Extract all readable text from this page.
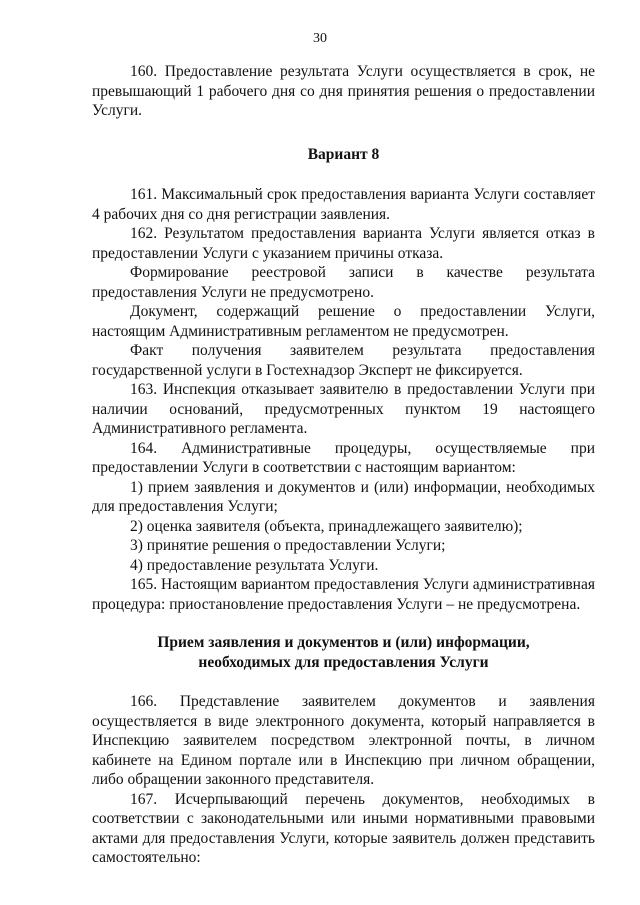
30

160. Предоставление результата Услуги осуществляется в срок, не превышающий 1 рабочего дня со дня принятия решения о предоставлении Услуги.

Вариант 8

161. Максимальный срок предоставления варианта Услуги составляет 4 рабочих дня со дня регистрации заявления.

162. Результатом предоставления варианта Услуги является отказ в предоставлении Услуги с указанием причины отказа.

Формирование реестровой записи в качестве результата предоставления Услуги не предусмотрено.

Документ, содержащий решение о предоставлении Услуги, настоящим Административным регламентом не предусмотрен.

Факт получения заявителем результата предоставления государственной услуги в Гостехнадзор Эксперт не фиксируется.

163. Инспекция отказывает заявителю в предоставлении Услуги при наличии оснований, предусмотренных пунктом 19 настоящего Административного регламента.

164. Административные процедуры, осуществляемые при предоставлении Услуги в соответствии с настоящим вариантом:

1) прием заявления и документов и (или) информации, необходимых для предоставления Услуги;

2) оценка заявителя (объекта, принадлежащего заявителю);

3) принятие решения о предоставлении Услуги;

4) предоставление результата Услуги.

165. Настоящим вариантом предоставления Услуги административная процедура: приостановление предоставления Услуги – не предусмотрена.

Прием заявления и документов и (или) информации,
необходимых для предоставления Услуги

166. Представление заявителем документов и заявления осуществляется в виде электронного документа, который направляется в Инспекцию заявителем посредством электронной почты, в личном кабинете на Едином портале или в Инспекцию при личном обращении, либо обращении законного представителя.

167. Исчерпывающий перечень документов, необходимых в соответствии с законодательными или иными нормативными правовыми актами для предоставления Услуги, которые заявитель должен представить самостоятельно:
